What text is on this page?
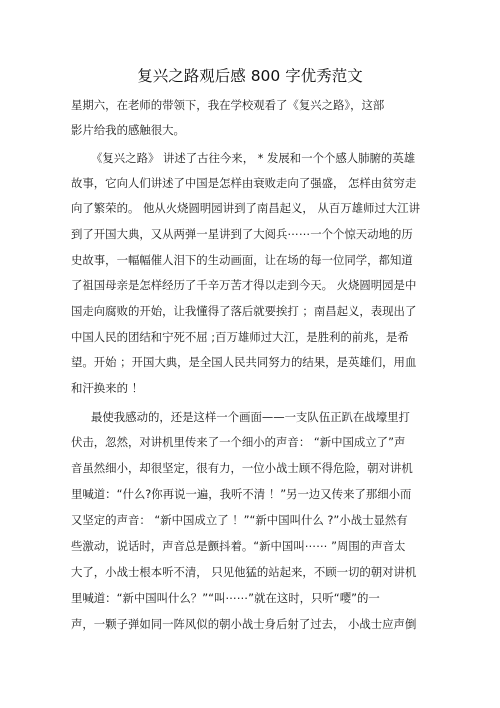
复兴之路观后感 800 字优秀范文
星期六，在老师的带领下，我在学校观看了《复兴之路》，这部
影片给我的感触很大。
《复兴之路》 讲述了古往今来， * 发展和一个个感人肺腑的英雄
故事，它向人们讲述了中国是怎样由衰败走向了强盛， 怎样由贫穷走
向了繁荣的。 他从火烧圆明园讲到了南昌起义， 从百万雄师过大江讲
到了开国大典，又从两弹一星讲到了大阅兵⋯⋯一个个惊天动地的历
史故事，一幅幅催人泪下的生动画面，让在场的每一位同学，都知道
了祖国母亲是怎样经历了千辛万苦才得以走到今天。 火烧圆明园是中
国走向腐败的开始，让我懂得了落后就要挨打 ；南昌起义，表现出了
中国人民的团结和宁死不屈 ;百万雄师过大江，是胜利的前兆，是希
望。开始 ；开国大典，是全国人民共同努力的结果，是英雄们，用血
和汗换来的 ！
最使我感动的，还是这样一个画面——一支队伍正趴在战壕里打
伏击，忽然，对讲机里传来了一个细小的声音： “新中国成立了”声
音虽然细小，却很坚定，很有力，一位小战士顾不得危险，朝对讲机
里喊道：“什么?你再说一遍，我听不清 ！”另一边又传来了那细小而
又坚定的声音： “新中国成立了 ！”“新中国叫什么 ?”小战士显然有
些激动，说话时，声音总是颤抖着。“新中国叫⋯⋯ ”周围的声音太
大了，小战士根本听不清， 只见他猛的站起来，不顾一切的朝对讲机
里喊道：“新中国叫什么？”“叫⋯⋯”就在这时，只听“嘤”的一
声，一颗子弹如同一阵风似的朝小战士身后射了过去， 小战士应声倒
